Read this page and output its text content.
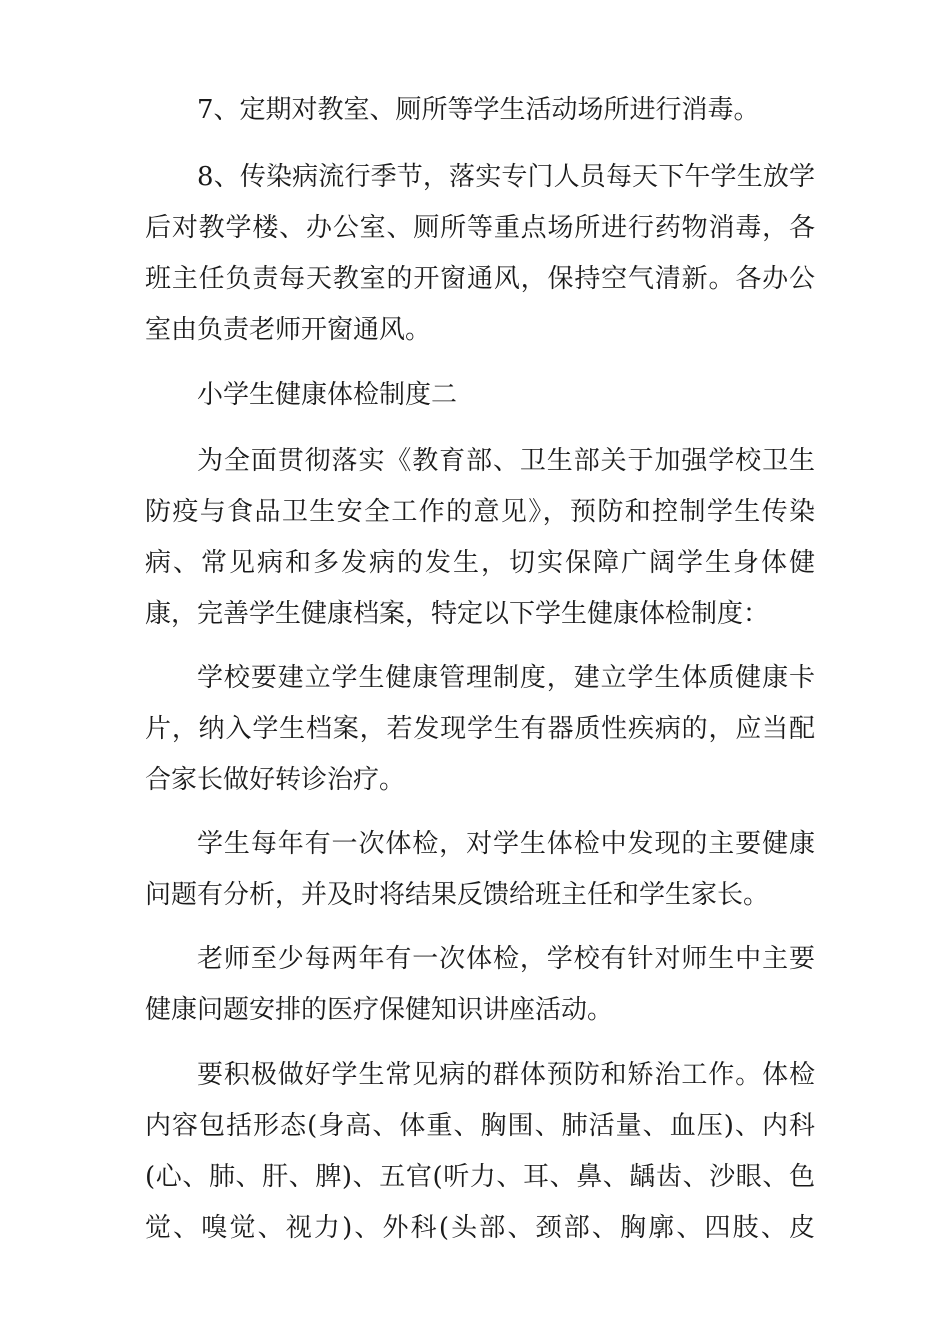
7、定期对教室、厕所等学生活动场所进行消毒。
8、传染病流行季节，落实专门人员每天下午学生放学
后对教学楼、办公室、厕所等重点场所进行药物消毒，各
班主任负责每天教室的开窗通风，保持空气清新。各办公
室由负责老师开窗通风。
小学生健康体检制度二
为全面贯彻落实《教育部、卫生部关于加强学校卫生
防疫与食品卫生安全工作的意见》，预防和控制学生传染
病、常见病和多发病的发生，切实保障广阔学生身体健
康，完善学生健康档案，特定以下学生健康体检制度：
学校要建立学生健康管理制度，建立学生体质健康卡
片，纳入学生档案，若发现学生有器质性疾病的，应当配
合家长做好转诊治疗。
学生每年有一次体检，对学生体检中发现的主要健康
问题有分析，并及时将结果反馈给班主任和学生家长。
老师至少每两年有一次体检，学校有针对师生中主要
健康问题安排的医疗保健知识讲座活动。
要积极做好学生常见病的群体预防和矫治工作。体检
内容包括形态(身高、体重、胸围、肺活量、血压)、内科
(心、肺、肝、脾)、五官(听力、耳、鼻、龋齿、沙眼、色
觉、嗅觉、视力)、外科(头部、颈部、胸廓、四肢、皮
